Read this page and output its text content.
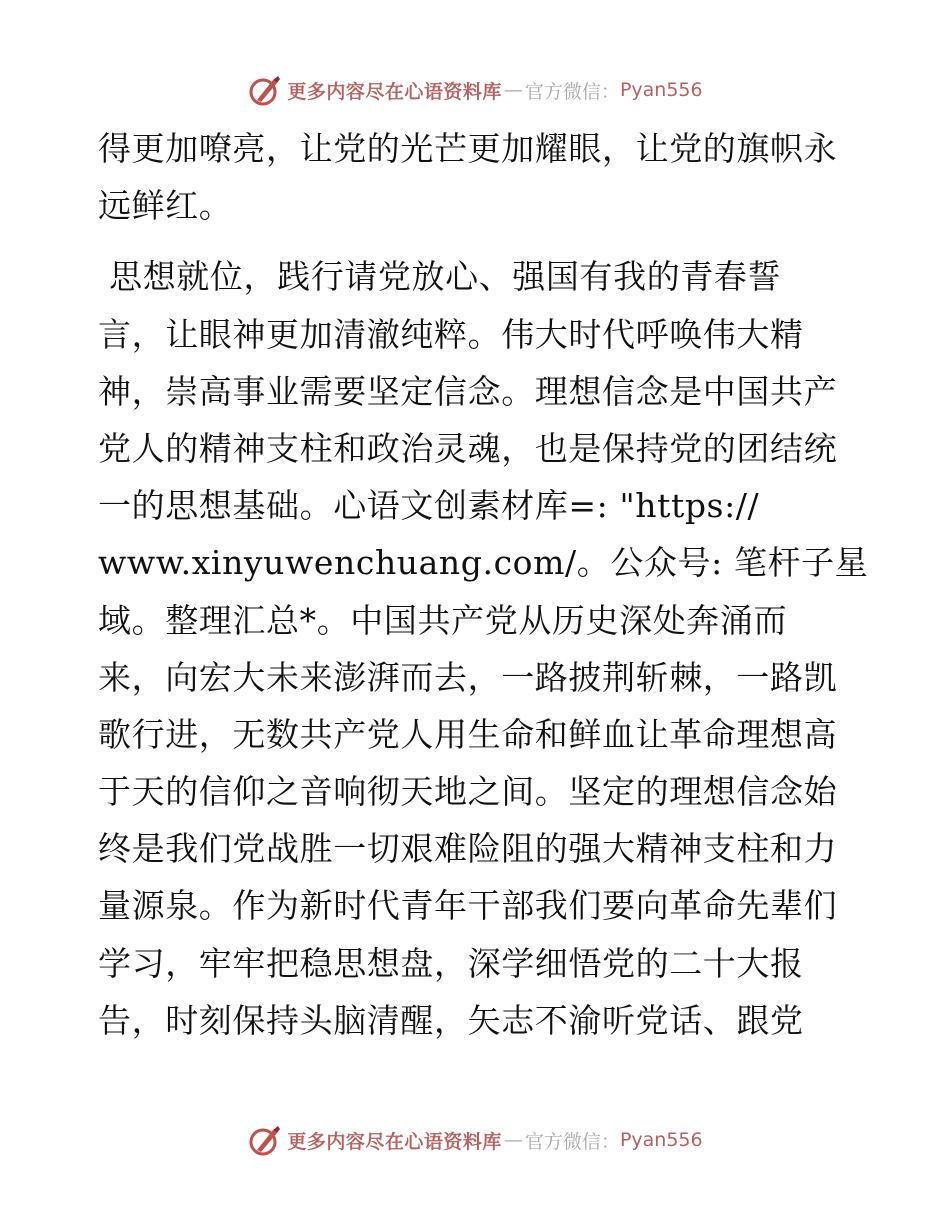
更多内容尽在心语资料库 — 官方微信： Pyan556
得更加嘹亮，让党的光芒更加耀眼，让党的旗帜永
远鲜红。
思想就位，践行请党放心、强国有我的青春誓
言，让眼神更加清澈纯粹。伟大时代呼唤伟大精
神，崇高事业需要坚定信念。理想信念是中国共产
党人的精神支柱和政治灵魂，也是保持党的团结统
一的思想基础。心语文创素材库=: "https://
www.xinyuwenchuang.com/。公众号: 笔杆子星
域。整理汇总*。中国共产党从历史深处奔涌而
来，向宏大未来澎湃而去，一路披荆斩棘，一路凯
歌行进，无数共产党人用生命和鲜血让革命理想高
于天的信仰之音响彻天地之间。坚定的理想信念始
终是我们党战胜一切艰难险阻的强大精神支柱和力
量源泉。作为新时代青年干部我们要向革命先辈们
学习，牢牢把稳思想盘，深学细悟党的二十大报
告，时刻保持头脑清醒，矢志不渝听党话、跟党
更多内容尽在心语资料库 — 官方微信： Pyan556
